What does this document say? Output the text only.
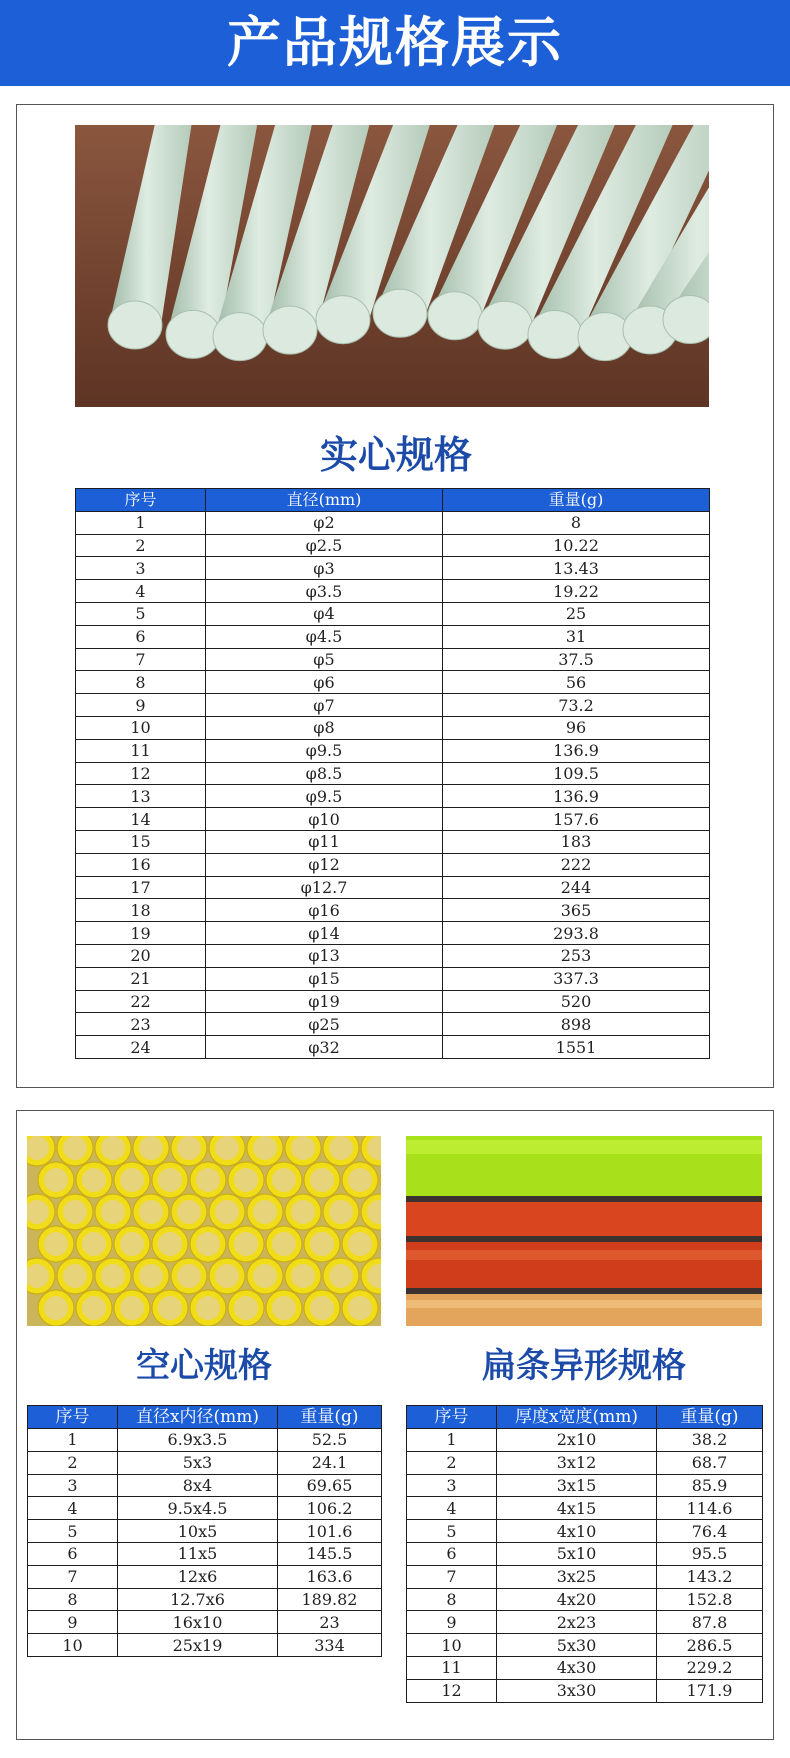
产品规格展示
实心规格
序号	直径(mm)	重量(g)
1	φ2	8
2	φ2.5	10.22
3	φ3	13.43
4	φ3.5	19.22
5	φ4	25
6	φ4.5	31
7	φ5	37.5
8	φ6	56
9	φ7	73.2
10	φ8	96
11	φ9.5	136.9
12	φ8.5	109.5
13	φ9.5	136.9
14	φ10	157.6
15	φ11	183
16	φ12	222
17	φ12.7	244
18	φ16	365
19	φ14	293.8
20	φ13	253
21	φ15	337.3
22	φ19	520
23	φ25	898
24	φ32	1551
空心规格	扁条异形规格
序号	直径x内径(mm)	重量(g)
1	6.9x3.5	52.5
2	5x3	24.1
3	8x4	69.65
4	9.5x4.5	106.2
5	10x5	101.6
6	11x5	145.5
7	12x6	163.6
8	12.7x6	189.82
9	16x10	23
10	25x19	334
序号	厚度x宽度(mm)	重量(g)
1	2x10	38.2
2	3x12	68.7
3	3x15	85.9
4	4x15	114.6
5	4x10	76.4
6	5x10	95.5
7	3x25	143.2
8	4x20	152.8
9	2x23	87.8
10	5x30	286.5
11	4x30	229.2
12	3x30	171.9
